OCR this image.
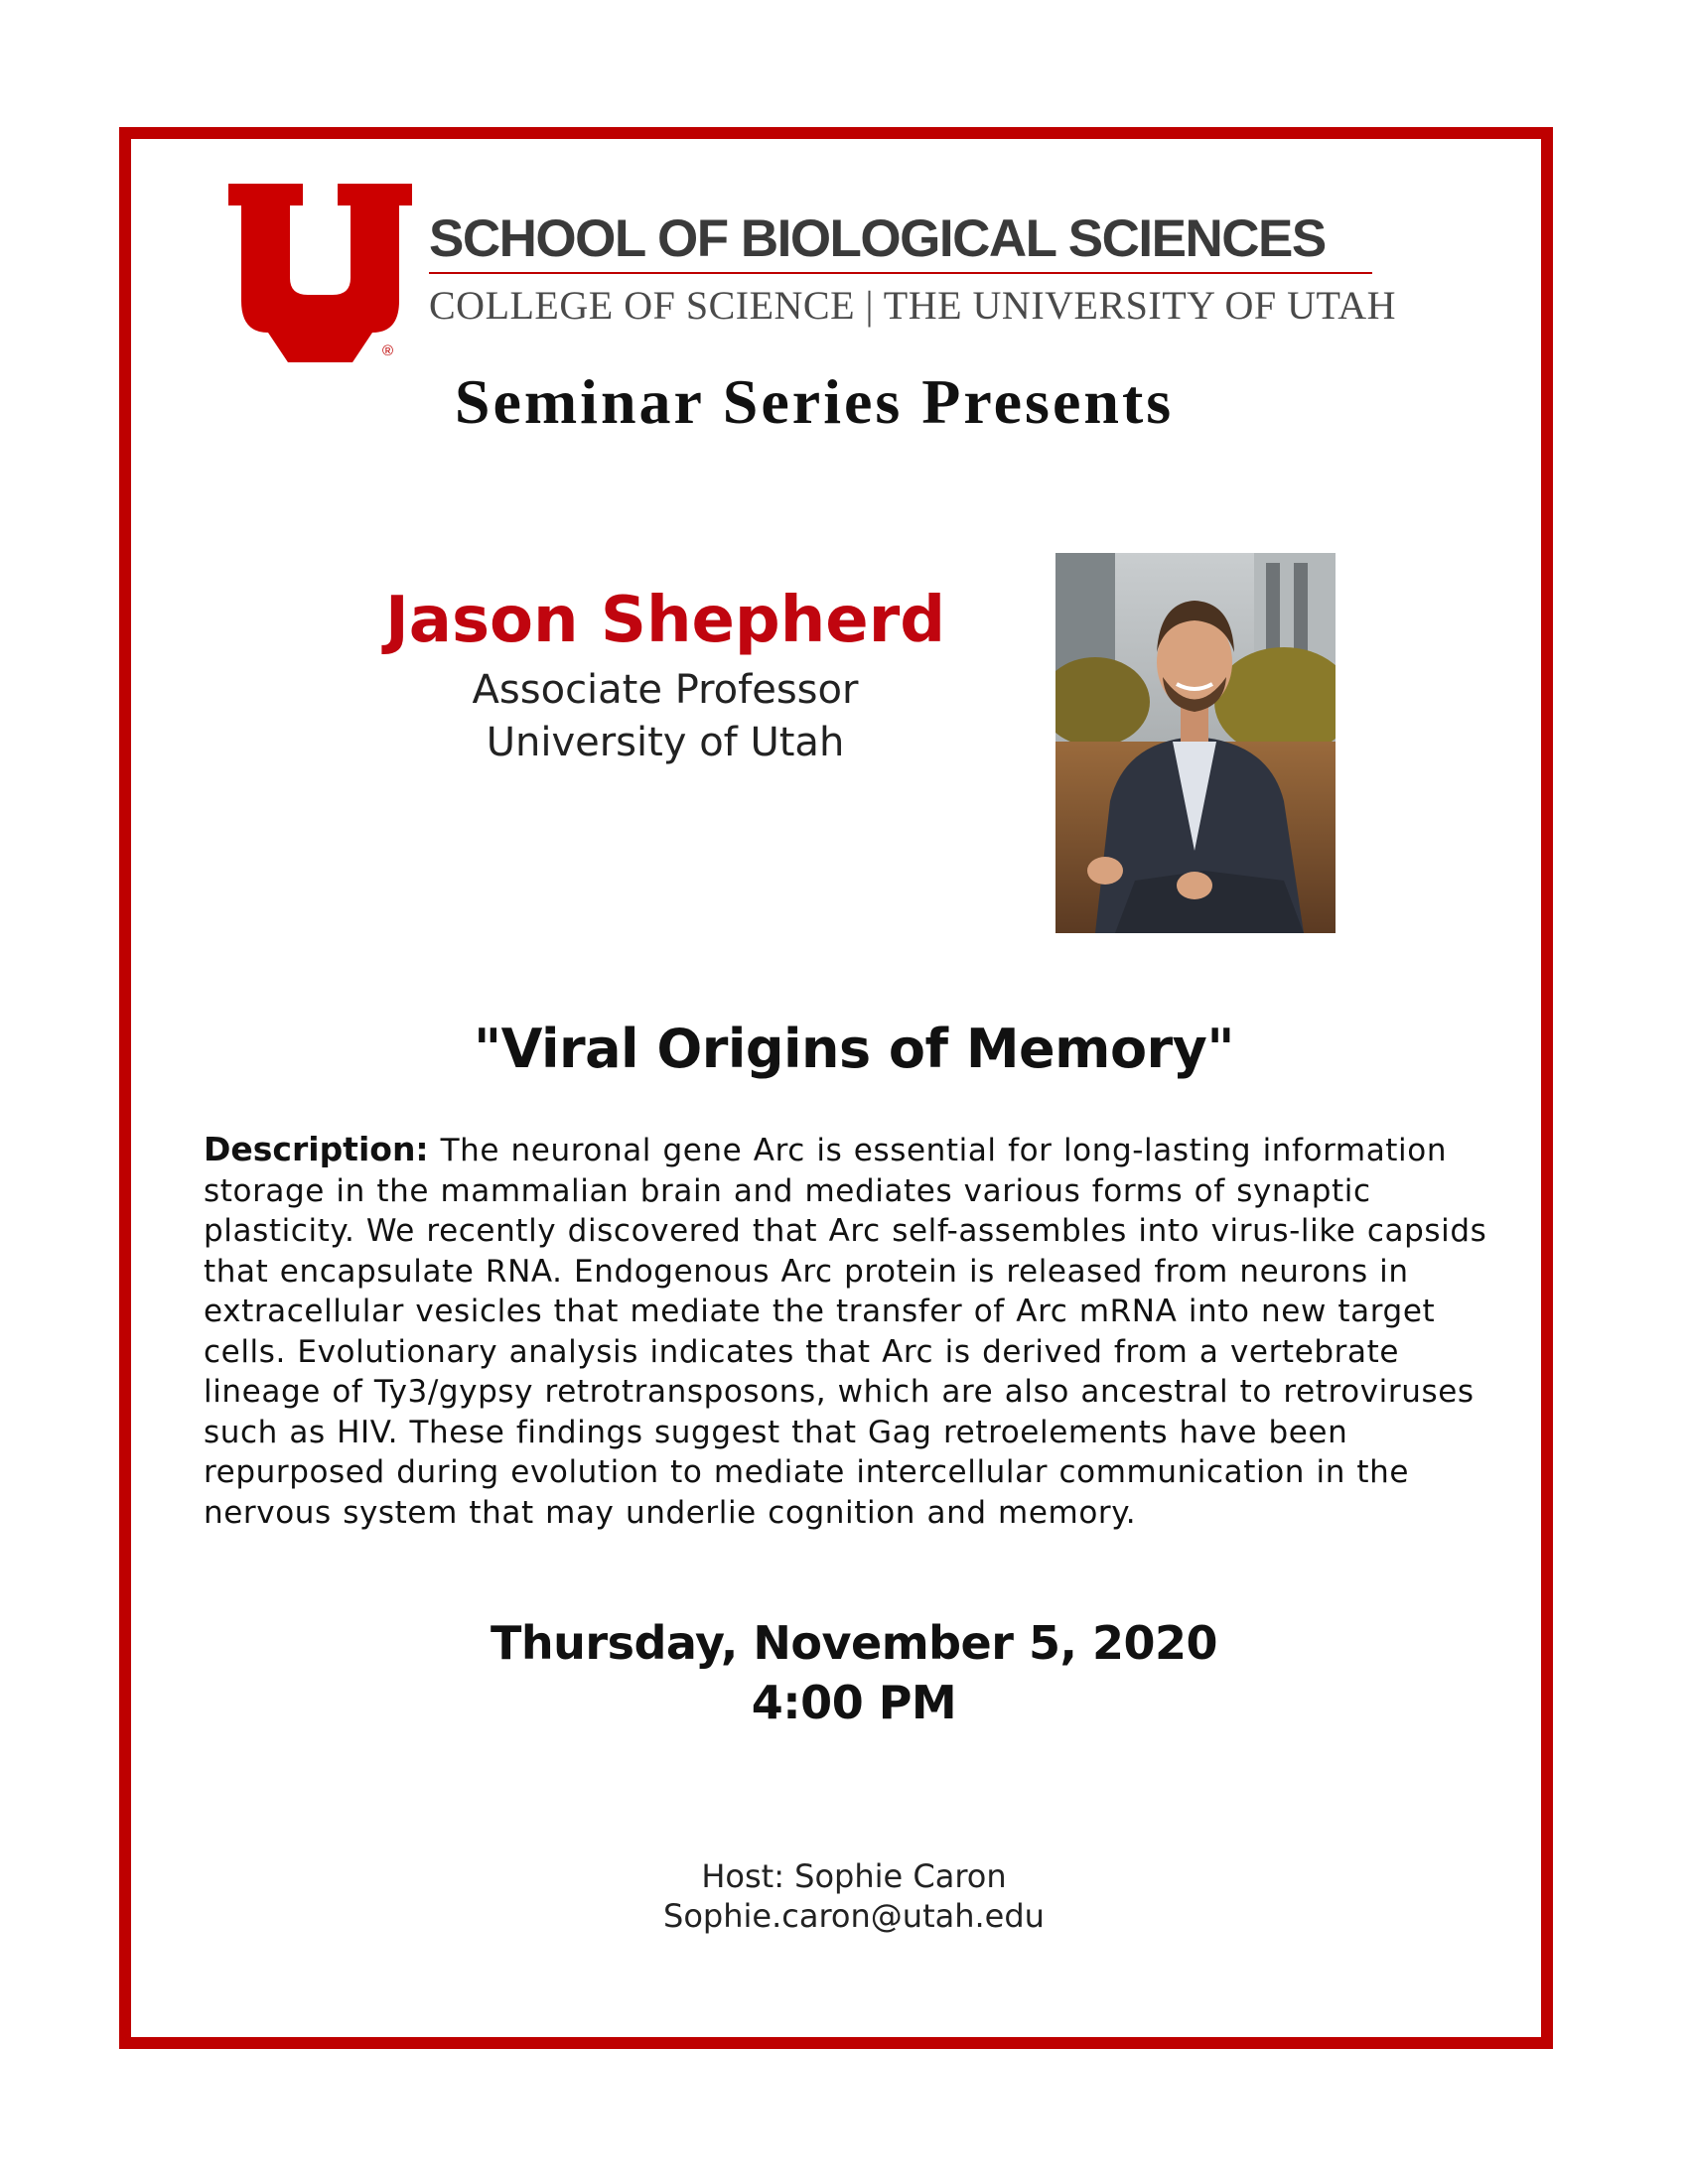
®
SCHOOL OF BIOLOGICAL SCIENCES
COLLEGE OF SCIENCE | THE UNIVERSITY OF UTAH
Seminar Series Presents
Jason Shepherd
Associate Professor
University of Utah
"Viral Origins of Memory"
Description: The neuronal gene Arc is essential for long-lasting information storage in the mammalian brain and mediates various forms of synaptic plasticity. We recently discovered that Arc self-assembles into virus-like capsids that encapsulate RNA. Endogenous Arc protein is released from neurons in extracellular vesicles that mediate the transfer of Arc mRNA into new target cells. Evolutionary analysis indicates that Arc is derived from a vertebrate lineage of Ty3/gypsy retrotransposons, which are also ancestral to retroviruses such as HIV. These findings suggest that Gag retroelements have been repurposed during evolution to mediate intercellular communication in the nervous system that may underlie cognition and memory.
Thursday, November 5, 2020
4:00 PM
Host: Sophie Caron
Sophie.caron@utah.edu
